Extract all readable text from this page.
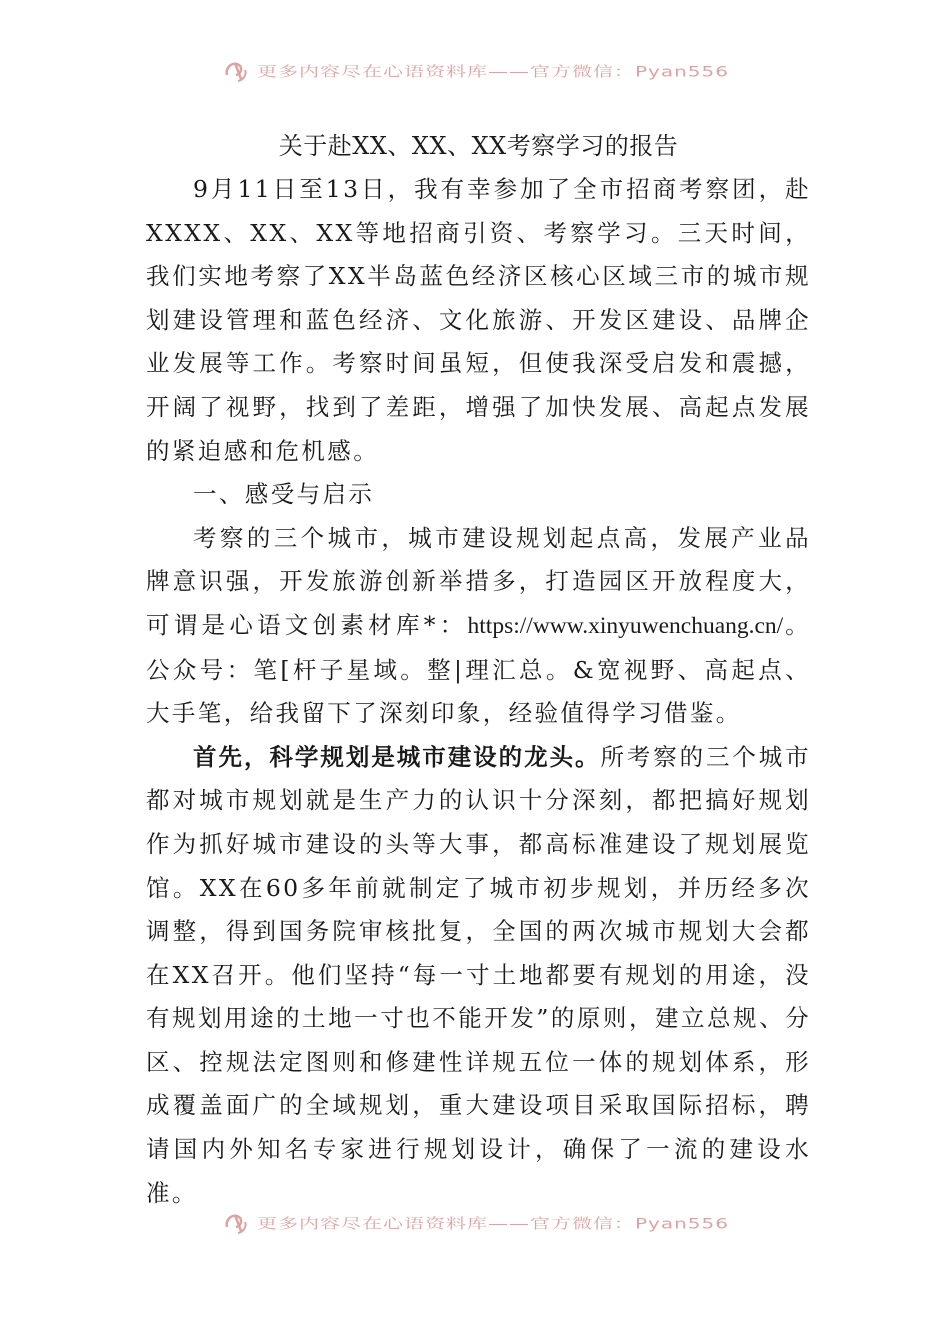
更多内容尽在心语资料库——官方微信：Pyan556

关于赴XX、XX、XX考察学习的报告

9月11日至13日，我有幸参加了全市招商考察团，赴XXXX、XX、XX等地招商引资、考察学习。三天时间，我们实地考察了XX半岛蓝色经济区核心区域三市的城市规划建设管理和蓝色经济、文化旅游、开发区建设、品牌企业发展等工作。考察时间虽短，但使我深受启发和震撼，开阔了视野，找到了差距，增强了加快发展、高起点发展的紧迫感和危机感。

一、感受与启示

考察的三个城市，城市建设规划起点高，发展产业品牌意识强，开发旅游创新举措多，打造园区开放程度大，可谓是心语文创素材库*：https://www.xinyuwenchuang.cn/。公众号：笔[杆子星域。整|理汇总。&宽视野、高起点、大手笔，给我留下了深刻印象，经验值得学习借鉴。

首先，科学规划是城市建设的龙头。所考察的三个城市都对城市规划就是生产力的认识十分深刻，都把搞好规划作为抓好城市建设的头等大事，都高标准建设了规划展览馆。XX在60多年前就制定了城市初步规划，并历经多次调整，得到国务院审核批复，全国的两次城市规划大会都在XX召开。他们坚持“每一寸土地都要有规划的用途，没有规划用途的土地一寸也不能开发”的原则，建立总规、分区、控规法定图则和修建性详规五位一体的规划体系，形成覆盖面广的全域规划，重大建设项目采取国际招标，聘请国内外知名专家进行规划设计，确保了一流的建设水准。

更多内容尽在心语资料库——官方微信：Pyan556
